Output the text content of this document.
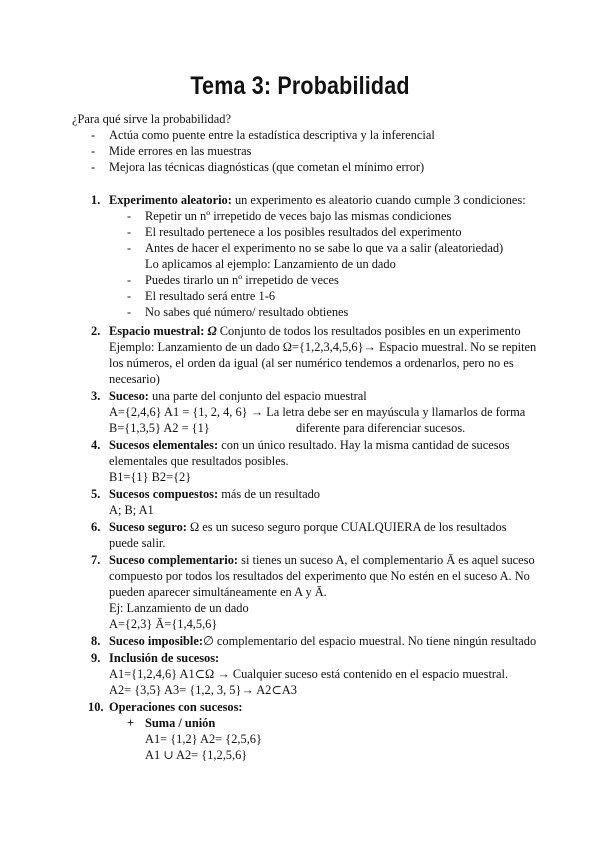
Tema 3: Probabilidad
¿Para qué sirve la probabilidad?
- Actúa como puente entre la estadística descriptiva y la inferencial
- Mide errores en las muestras
- Mejora las técnicas diagnósticas (que cometan el mínimo error)
1. Experimento aleatorio: un experimento es aleatorio cuando cumple 3 condiciones:
- Repetir un nº irrepetido de veces bajo las mismas condiciones
- El resultado pertenece a los posibles resultados del experimento
- Antes de hacer el experimento no se sabe lo que va a salir (aleatoriedad)
Lo aplicamos al ejemplo: Lanzamiento de un dado
- Puedes tirarlo un nº irrepetido de veces
- El resultado será entre 1-6
- No sabes qué número/ resultado obtienes
2. Espacio muestral: Ω Conjunto de todos los resultados posibles en un experimento
Ejemplo: Lanzamiento de un dado Ω={1,2,3,4,5,6}→ Espacio muestral. No se repiten
los números, el orden da igual (al ser numérico tendemos a ordenarlos, pero no es
necesario)
3. Suceso: una parte del conjunto del espacio muestral
A={2,4,6} A1 = {1, 2, 4, 6} → La letra debe ser en mayúscula y llamarlos de forma
B={1,3,5} A2 = {1}	diferente para diferenciar sucesos.
4. Sucesos elementales: con un único resultado. Hay la misma cantidad de sucesos
elementales que resultados posibles.
B1={1} B2={2}
5. Sucesos compuestos: más de un resultado
A; B; A1
6. Suceso seguro: Ω es un suceso seguro porque CUALQUIERA de los resultados
puede salir.
7. Suceso complementario: si tienes un suceso A, el complementario Ā es aquel suceso
compuesto por todos los resultados del experimento que No estén en el suceso A. No
pueden aparecer simultáneamente en A y Ā.
Ej: Lanzamiento de un dado
A={2,3} Ā={1,4,5,6}
8. Suceso imposible:∅ complementario del espacio muestral. No tiene ningún resultado
9. Inclusión de sucesos:
A1={1,2,4,6} A1⊂Ω → Cualquier suceso está contenido en el espacio muestral.
A2= {3,5} A3= {1,2, 3, 5}→ A2⊂A3
10. Operaciones con sucesos:
+ Suma / unión
A1= {1,2} A2= {2,5,6}
A1 ∪ A2= {1,2,5,6}
